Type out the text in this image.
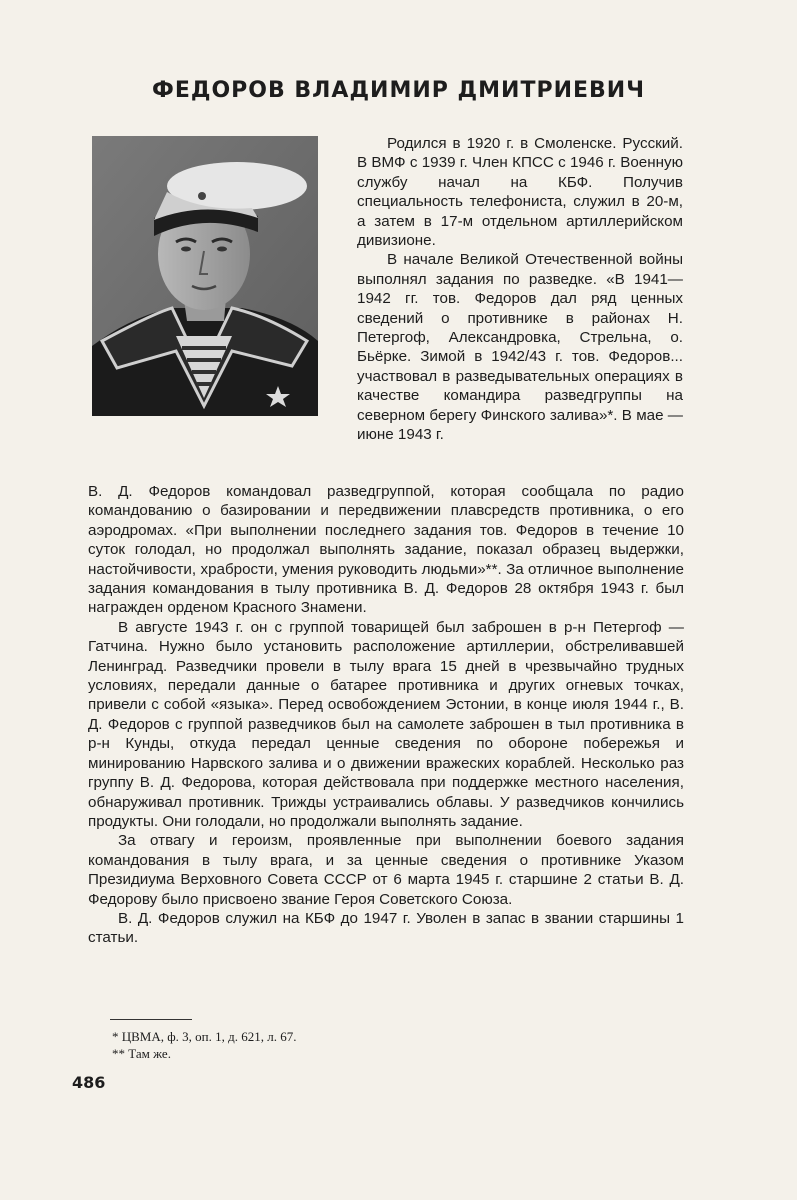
ФЕДОРОВ ВЛАДИМИР ДМИТРИЕВИЧ

Родился в 1920 г. в Смоленске. Русский. В ВМФ с 1939 г. Член КПСС с 1946 г. Военную службу начал на КБФ. Получив специальность телефониста, служил в 20-м, а затем в 17-м отдельном артиллерийском дивизионе.

В начале Великой Отечественной войны выполнял задания по разведке. «В 1941—1942 гг. тов. Федоров дал ряд ценных сведений о противнике в районах Н. Петергоф, Александровка, Стрельна, о. Бьёрке. Зимой в 1942/43 г. тов. Федоров... участвовал в разведывательных операциях в качестве командира разведгруппы на северном берегу Финского залива»*. В мае — июне 1943 г.

В. Д. Федоров командовал разведгруппой, которая сообщала по радио командованию о базировании и передвижении плавсредств противника, о его аэродромах. «При выполнении последнего задания тов. Федоров в течение 10 суток голодал, но продолжал выполнять задание, показал образец выдержки, настойчивости, храбрости, умения руководить людьми»**. За отличное выполнение задания командования в тылу противника В. Д. Федоров 28 октября 1943 г. был награжден орденом Красного Знамени.

В августе 1943 г. он с группой товарищей был заброшен в р-н Петергоф — Гатчина. Нужно было установить расположение артиллерии, обстреливавшей Ленинград. Разведчики провели в тылу врага 15 дней в чрезвычайно трудных условиях, передали данные о батарее противника и других огневых точках, привели с собой «языка». Перед освобождением Эстонии, в конце июля 1944 г., В. Д. Федоров с группой разведчиков был на самолете заброшен в тыл противника в р-н Кунды, откуда передал ценные сведения по обороне побережья и минированию Нарвского залива и о движении вражеских кораблей. Несколько раз группу В. Д. Федорова, которая действовала при поддержке местного населения, обнаруживал противник. Трижды устраивались облавы. У разведчиков кончились продукты. Они голодали, но продолжали выполнять задание.

За отвагу и героизм, проявленные при выполнении боевого задания командования в тылу врага, и за ценные сведения о противнике Указом Президиума Верховного Совета СССР от 6 марта 1945 г. старшине 2 статьи В. Д. Федорову было присвоено звание Героя Советского Союза.

В. Д. Федоров служил на КБФ до 1947 г. Уволен в запас в звании старшины 1 статьи.

* ЦВМА, ф. 3, оп. 1, д. 621, л. 67.
** Там же.
486
